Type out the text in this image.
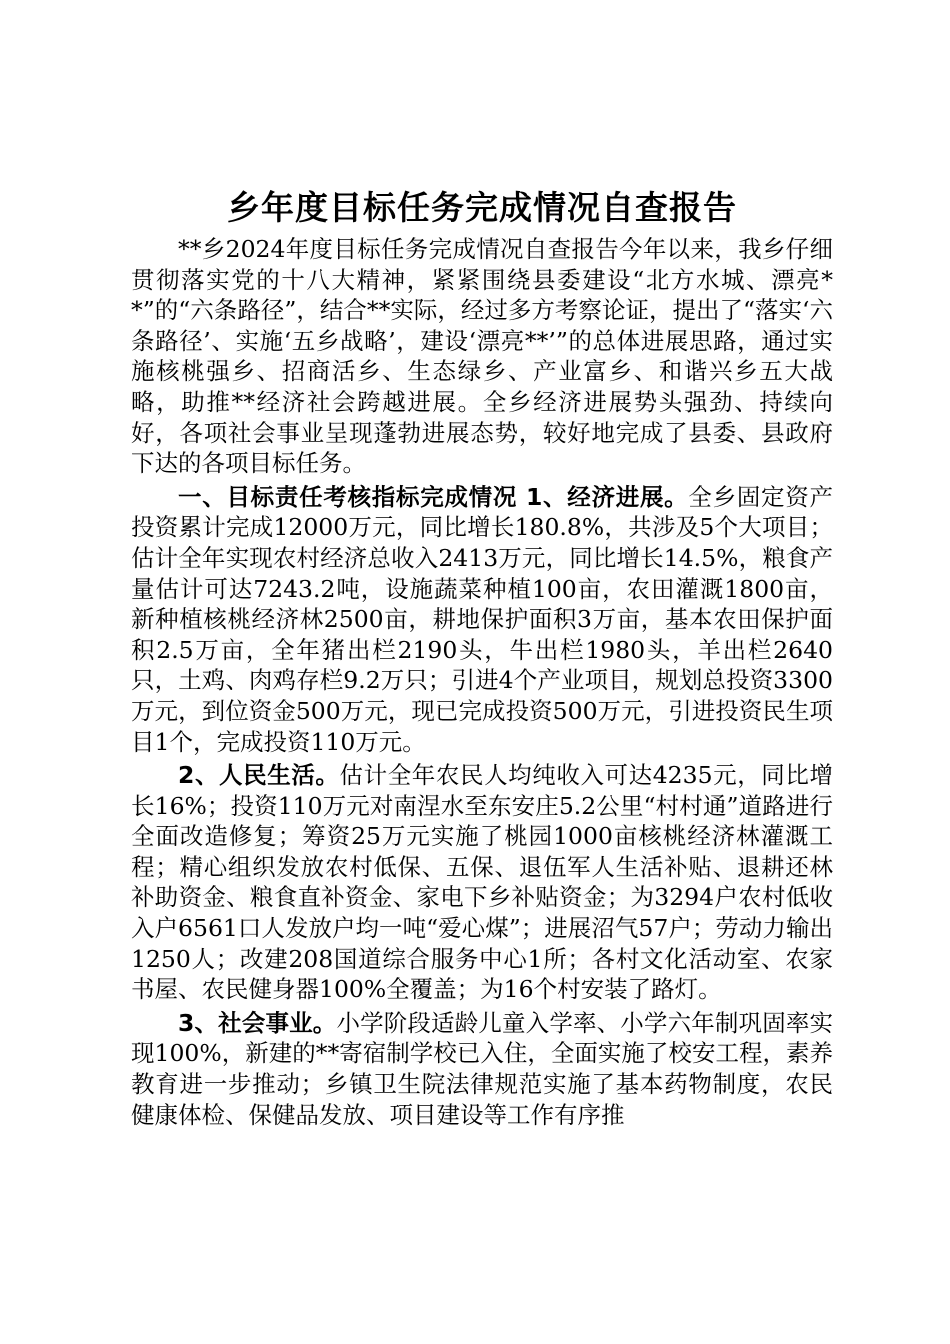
乡年度目标任务完成情况自查报告

**乡2024年度目标任务完成情况自查报告今年以来，我乡仔细贯彻落实党的十八大精神，紧紧围绕县委建设“北方水城、漂亮**”的“六条路径”，结合**实际，经过多方考察论证，提出了“落实‘六条路径’、实施‘五乡战略’，建设‘漂亮**’”的总体进展思路，通过实施核桃强乡、招商活乡、生态绿乡、产业富乡、和谐兴乡五大战略，助推**经济社会跨越进展。全乡经济进展势头强劲、持续向好，各项社会事业呈现蓬勃进展态势，较好地完成了县委、县政府下达的各项目标任务。

一、目标责任考核指标完成情况 1、经济进展。全乡固定资产投资累计完成12000万元，同比增长180.8%，共涉及5个大项目；估计全年实现农村经济总收入2413万元，同比增长14.5%，粮食产量估计可达7243.2吨，设施蔬菜种植100亩，农田灌溉1800亩，新种植核桃经济林2500亩，耕地保护面积3万亩，基本农田保护面积2.5万亩，全年猪出栏2190头，牛出栏1980头，羊出栏2640只，土鸡、肉鸡存栏9.2万只；引进4个产业项目，规划总投资3300万元，到位资金500万元，现已完成投资500万元，引进投资民生项目1个，完成投资110万元。

2、人民生活。估计全年农民人均纯收入可达4235元，同比增长16%；投资110万元对南涅水至东安庄5.2公里“村村通”道路进行全面改造修复；筹资25万元实施了桃园1000亩核桃经济林灌溉工程；精心组织发放农村低保、五保、退伍军人生活补贴、退耕还林补助资金、粮食直补资金、家电下乡补贴资金；为3294户农村低收入户6561口人发放户均一吨“爱心煤”；进展沼气57户；劳动力输出1250人；改建208国道综合服务中心1所；各村文化活动室、农家书屋、农民健身器100%全覆盖；为16个村安装了路灯。

3、社会事业。小学阶段适龄儿童入学率、小学六年制巩固率实现100%，新建的**寄宿制学校已入住，全面实施了校安工程，素养教育进一步推动；乡镇卫生院法律规范实施了基本药物制度，农民健康体检、保健品发放、项目建设等工作有序推
